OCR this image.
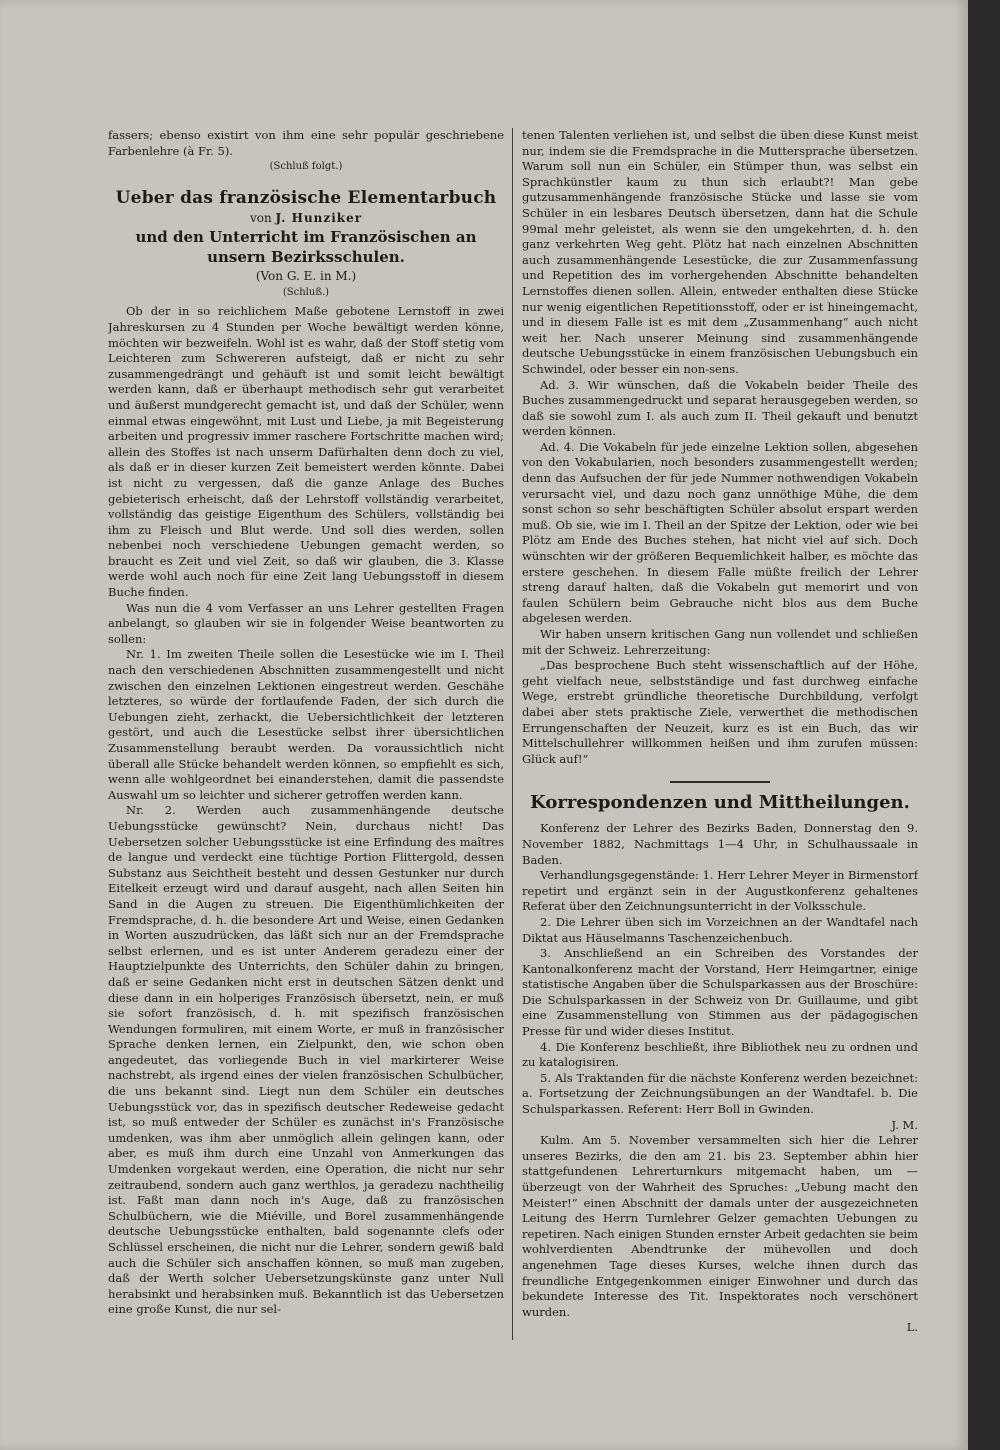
fassers; ebenso existirt von ihm eine sehr populär geschriebene Farbenlehre (à Fr. 5).

(Schluß folgt.)

Ueber das französische Elementarbuch
von J. Hunziker
und den Unterricht im Französischen an unsern Bezirksschulen.
(Von G. E. in M.)
(Schluß.)

Ob der in so reichlichem Maße gebotene Lernstoff in zwei Jahreskursen zu 4 Stunden per Woche bewältigt werden könne, möchten wir bezweifeln. Wohl ist es wahr, daß der Stoff stetig vom Leichteren zum Schwereren aufsteigt, daß er nicht zu sehr zusammengedrängt und gehäuft ist und somit leicht bewältigt werden kann, daß er überhaupt methodisch sehr gut verarbeitet und äußerst mundgerecht gemacht ist, und daß der Schüler, wenn einmal etwas eingewöhnt, mit Lust und Liebe, ja mit Begeisterung arbeiten und progressiv immer raschere Fortschritte machen wird; allein des Stoffes ist nach unserm Dafürhalten denn doch zu viel, als daß er in dieser kurzen Zeit bemeistert werden könnte. Dabei ist nicht zu vergessen, daß die ganze Anlage des Buches gebieterisch erheischt, daß der Lehrstoff vollständig verarbeitet, vollständig das geistige Eigenthum des Schülers, vollständig bei ihm zu Fleisch und Blut werde. Und soll dies werden, sollen nebenbei noch verschiedene Uebungen gemacht werden, so braucht es Zeit und viel Zeit, so daß wir glauben, die 3. Klasse werde wohl auch noch für eine Zeit lang Uebungsstoff in diesem Buche finden.

Was nun die 4 vom Verfasser an uns Lehrer gestellten Fragen anbelangt, so glauben wir sie in folgender Weise beantworten zu sollen:

Nr. 1. Im zweiten Theile sollen die Lesestücke wie im I. Theil nach den verschiedenen Abschnitten zusammengestellt und nicht zwischen den einzelnen Lektionen eingestreut werden. Geschähe letzteres, so würde der fortlaufende Faden, der sich durch die Uebungen zieht, zerhackt, die Uebersichtlichkeit der letzteren gestört, und auch die Lesestücke selbst ihrer übersichtlichen Zusammenstellung beraubt werden. Da voraussichtlich nicht überall alle Stücke behandelt werden können, so empfiehlt es sich, wenn alle wohlgeordnet bei einanderstehen, damit die passendste Auswahl um so leichter und sicherer getroffen werden kann.

Nr. 2. Werden auch zusammenhängende deutsche Uebungsstücke gewünscht? Nein, durchaus nicht! Das Uebersetzen solcher Uebungsstücke ist eine Erfindung des maîtres de langue und verdeckt eine tüchtige Portion Flittergold, dessen Substanz aus Seichtheit besteht und dessen Gestunker nur durch Eitelkeit erzeugt wird und darauf ausgeht, nach allen Seiten hin Sand in die Augen zu streuen. Die Eigenthümlichkeiten der Fremdsprache, d. h. die besondere Art und Weise, einen Gedanken in Worten auszudrücken, das läßt sich nur an der Fremdsprache selbst erlernen, und es ist unter Anderem geradezu einer der Hauptzielpunkte des Unterrichts, den Schüler dahin zu bringen, daß er seine Gedanken nicht erst in deutschen Sätzen denkt und diese dann in ein holperiges Französisch übersetzt, nein, er muß sie sofort französisch, d. h. mit spezifisch französischen Wendungen formuliren, mit einem Worte, er muß in französischer Sprache denken lernen, ein Zielpunkt, den, wie schon oben angedeutet, das vorliegende Buch in viel markirterer Weise nachstrebt, als irgend eines der vielen französischen Schulbücher, die uns bekannt sind. Liegt nun dem Schüler ein deutsches Uebungsstück vor, das in spezifisch deutscher Redeweise gedacht ist, so muß entweder der Schüler es zunächst in's Französische umdenken, was ihm aber unmöglich allein gelingen kann, oder aber, es muß ihm durch eine Unzahl von Anmerkungen das Umdenken vorgekaut werden, eine Operation, die nicht nur sehr zeitraubend, sondern auch ganz werthlos, ja geradezu nachtheilig ist. Faßt man dann noch in's Auge, daß zu französischen Schulbüchern, wie die Miéville, und Borel zusammenhängende deutsche Uebungsstücke enthalten, bald sogenannte clefs oder Schlüssel erscheinen, die nicht nur die Lehrer, sondern gewiß bald auch die Schüler sich anschaffen können, so muß man zugeben, daß der Werth solcher Uebersetzungskünste ganz unter Null herabsinkt und herabsinken muß. Bekanntlich ist das Uebersetzen eine große Kunst, die nur sel-

tenen Talenten verliehen ist, und selbst die üben diese Kunst meist nur, indem sie die Fremdsprache in die Muttersprache übersetzen. Warum soll nun ein Schüler, ein Stümper thun, was selbst ein Sprachkünstler kaum zu thun sich erlaubt?! Man gebe gutzusammenhängende französische Stücke und lasse sie vom Schüler in ein lesbares Deutsch übersetzen, dann hat die Schule 99mal mehr geleistet, als wenn sie den umgekehrten, d. h. den ganz verkehrten Weg geht. Plötz hat nach einzelnen Abschnitten auch zusammenhängende Lesestücke, die zur Zusammenfassung und Repetition des im vorhergehenden Abschnitte behandelten Lernstoffes dienen sollen. Allein, entweder enthalten diese Stücke nur wenig eigentlichen Repetitionsstoff, oder er ist hineingemacht, und in diesem Falle ist es mit dem „Zusammenhang“ auch nicht weit her. Nach unserer Meinung sind zusammenhängende deutsche Uebungsstücke in einem französischen Uebungsbuch ein Schwindel, oder besser ein non-sens.

Ad. 3. Wir wünschen, daß die Vokabeln beider Theile des Buches zusammengedruckt und separat herausgegeben werden, so daß sie sowohl zum I. als auch zum II. Theil gekauft und benutzt werden können.

Ad. 4. Die Vokabeln für jede einzelne Lektion sollen, abgesehen von den Vokabularien, noch besonders zusammengestellt werden; denn das Aufsuchen der für jede Nummer nothwendigen Vokabeln verursacht viel, und dazu noch ganz unnöthige Mühe, die dem sonst schon so sehr beschäftigten Schüler absolut erspart werden muß. Ob sie, wie im I. Theil an der Spitze der Lektion, oder wie bei Plötz am Ende des Buches stehen, hat nicht viel auf sich. Doch wünschten wir der größeren Bequemlichkeit halber, es möchte das erstere geschehen. In diesem Falle müßte freilich der Lehrer streng darauf halten, daß die Vokabeln gut memorirt und von faulen Schülern beim Gebrauche nicht blos aus dem Buche abgelesen werden.

Wir haben unsern kritischen Gang nun vollendet und schließen mit der Schweiz. Lehrerzeitung:

„Das besprochene Buch steht wissenschaftlich auf der Höhe, geht vielfach neue, selbstständige und fast durchweg einfache Wege, erstrebt gründliche theoretische Durchbildung, verfolgt dabei aber stets praktische Ziele, verwerthet die methodischen Errungenschaften der Neuzeit, kurz es ist ein Buch, das wir Mittelschullehrer willkommen heißen und ihm zurufen müssen: Glück auf!“

Korrespondenzen und Mittheilungen.

Konferenz der Lehrer des Bezirks Baden, Donnerstag den 9. November 1882, Nachmittags 1—4 Uhr, in Schulhaussaale in Baden.

Verhandlungsgegenstände: 1. Herr Lehrer Meyer in Birmenstorf repetirt und ergänzt sein in der Augustkonferenz gehaltenes Referat über den Zeichnungsunterricht in der Volksschule.

2. Die Lehrer üben sich im Vorzeichnen an der Wandtafel nach Diktat aus Häuselmanns Taschenzeichenbuch.

3. Anschließend an ein Schreiben des Vorstandes der Kantonalkonferenz macht der Vorstand, Herr Heimgartner, einige statistische Angaben über die Schulsparkassen aus der Broschüre: Die Schulsparkassen in der Schweiz von Dr. Guillaume, und gibt eine Zusammenstellung von Stimmen aus der pädagogischen Presse für und wider dieses Institut.

4. Die Konferenz beschließt, ihre Bibliothek neu zu ordnen und zu katalogisiren.

5. Als Traktanden für die nächste Konferenz werden bezeichnet: a. Fortsetzung der Zeichnungsübungen an der Wandtafel. b. Die Schulsparkassen. Referent: Herr Boll in Gwinden.

J. M.

Kulm. Am 5. November versammelten sich hier die Lehrer unseres Bezirks, die den am 21. bis 23. September abhin hier stattgefundenen Lehrerturnkurs mitgemacht haben, um — überzeugt von der Wahrheit des Spruches: „Uebung macht den Meister!“ einen Abschnitt der damals unter der ausgezeichneten Leitung des Herrn Turnlehrer Gelzer gemachten Uebungen zu repetiren. Nach einigen Stunden ernster Arbeit gedachten sie beim wohlverdienten Abendtrunke der mühevollen und doch angenehmen Tage dieses Kurses, welche ihnen durch das freundliche Entgegenkommen einiger Einwohner und durch das bekundete Interesse des Tit. Inspektorates noch verschönert wurden.

L.
